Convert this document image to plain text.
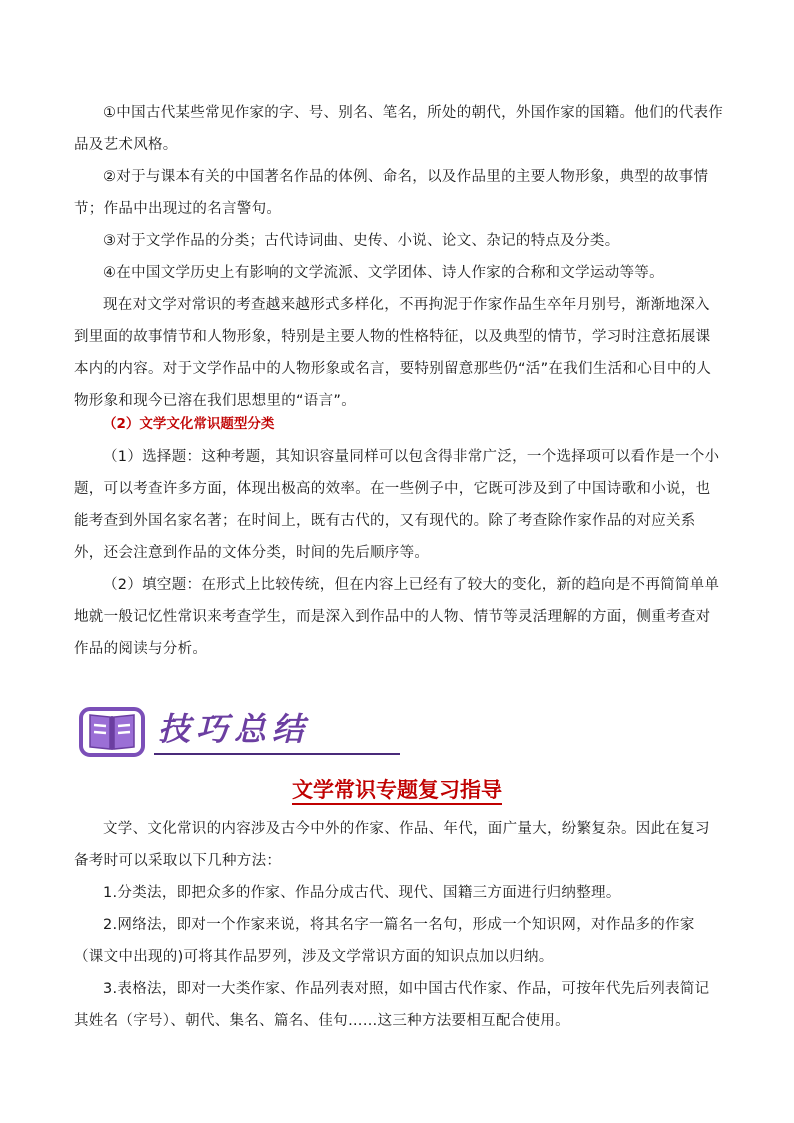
①中国古代某些常见作家的字、号、别名、笔名，所处的朝代，外国作家的国籍。他们的代表作品及艺术风格。

②对于与课本有关的中国著名作品的体例、命名，以及作品里的主要人物形象，典型的故事情节；作品中出现过的名言警句。

③对于文学作品的分类；古代诗词曲、史传、小说、论文、杂记的特点及分类。

④在中国文学历史上有影响的文学流派、文学团体、诗人作家的合称和文学运动等等。

现在对文学对常识的考查越来越形式多样化，不再拘泥于作家作品生卒年月别号，渐渐地深入到里面的故事情节和人物形象，特别是主要人物的性格特征，以及典型的情节，学习时注意拓展课本内的内容。对于文学作品中的人物形象或名言，要特别留意那些仍“活”在我们生活和心目中的人物形象和现今已溶在我们思想里的“语言”。

（2）文学文化常识题型分类

（1）选择题：这种考题，其知识容量同样可以包含得非常广泛，一个选择项可以看作是一个小题，可以考查许多方面，体现出极高的效率。在一些例子中，它既可涉及到了中国诗歌和小说，也能考查到外国名家名著；在时间上，既有古代的，又有现代的。除了考查除作家作品的对应关系外，还会注意到作品的文体分类，时间的先后顺序等。

（2）填空题：在形式上比较传统，但在内容上已经有了较大的变化，新的趋向是不再简简单单地就一般记忆性常识来考查学生，而是深入到作品中的人物、情节等灵活理解的方面，侧重考查对作品的阅读与分析。

技巧总结
文学常识专题复习指导

文学、文化常识的内容涉及古今中外的作家、作品、年代，面广量大，纷繁复杂。因此在复习备考时可以采取以下几种方法：

1.分类法，即把众多的作家、作品分成古代、现代、国籍三方面进行归纳整理。

2.网络法，即对一个作家来说，将其名字一篇名一名句，形成一个知识网，对作品多的作家（课文中出现的)可将其作品罗列，涉及文学常识方面的知识点加以归纳。

3.表格法，即对一大类作家、作品列表对照，如中国古代作家、作品，可按年代先后列表简记其姓名（字号）、朝代、集名、篇名、佳句……这三种方法要相互配合使用。
